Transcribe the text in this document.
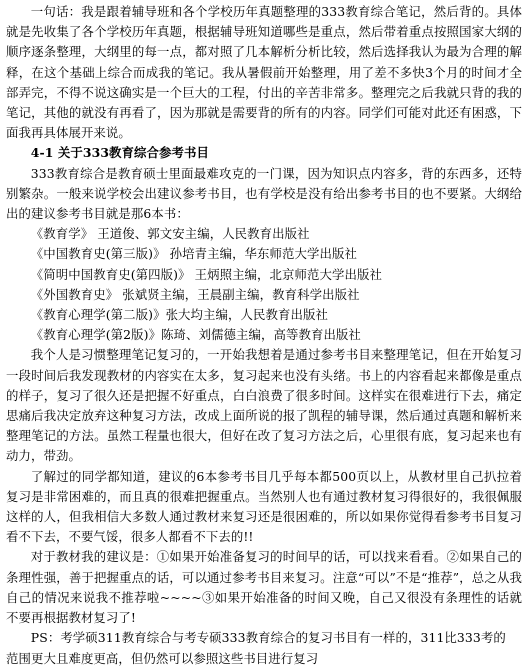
一句话：我是跟着辅导班和各个学校历年真题整理的333教育综合笔记，然后背的。具体就是先收集了各个学校历年真题，根据辅导班知道哪些是重点，然后带着重点按照国家大纲的顺序逐条整理，大纲里的每一点，都对照了几本解析分析比较，然后选择我认为最为合理的解释，在这个基础上综合而成我的笔记。我从暑假前开始整理，用了差不多快3个月的时间才全部弄完，不得不说这确实是一个巨大的工程，付出的辛苦非常多。整理完之后我就只背的我的笔记，其他的就没有再看了，因为那就是需要背的所有的内容。同学们可能对此还有困惑，下面我再具体展开来说。

4-1 关于333教育综合参考书目

333教育综合是教育硕士里面最难攻克的一门课，因为知识点内容多，背的东西多，还特别繁杂。一般来说学校会出建议参考书目，也有学校是没有给出参考书目的也不要紧。大纲给出的建议参考书目就是那6本书：

《教育学》 王道俊、郭文安主编，人民教育出版社
《中国教育史(第三版)》 孙培青主编，华东师范大学出版社
《简明中国教育史(第四版)》 王炳照主编，北京师范大学出版社
《外国教育史》 张斌贤主编，王晨副主编，教育科学出版社
《教育心理学(第二版)》张大均主编，人民教育出版社
《教育心理学(第2版)》陈琦、刘儒德主编，高等教育出版社

我个人是习惯整理笔记复习的，一开始我想着是通过参考书目来整理笔记，但在开始复习一段时间后我发现教材的内容实在太多，复习起来也没有头绪。书上的内容看起来都像是重点的样子，复习了很久还是把握不好重点，白白浪费了很多时间。这样实在很难进行下去，痛定思痛后我决定放弃这种复习方法，改成上面所说的报了凯程的辅导课，然后通过真题和解析来整理笔记的方法。虽然工程量也很大，但好在改了复习方法之后，心里很有底，复习起来也有动力，带劲。

了解过的同学都知道，建议的6本参考书目几乎每本都500页以上，从教材里自己扒拉着复习是非常困难的，而且真的很难把握重点。当然别人也有通过教材复习得很好的，我很佩服这样的人，但我相信大多数人通过教材来复习还是很困难的，所以如果你觉得看参考书目复习看不下去，不要气馁，很多人都看不下去的!!

对于教材我的建议是：①如果开始准备复习的时间早的话，可以找来看看。②如果自己的条理性强，善于把握重点的话，可以通过参考书目来复习。注意“可以”不是“推荐”，总之从我自己的情况来说我不推荐啦~~~~③如果开始准备的时间又晚，自己又很没有条理性的话就不要再根据教材复习了!

PS：考学硕311教育综合与考专硕333教育综合的复习书目有一样的，311比333考的

范围更大且难度更高，但仍然可以参照这些书目进行复习
